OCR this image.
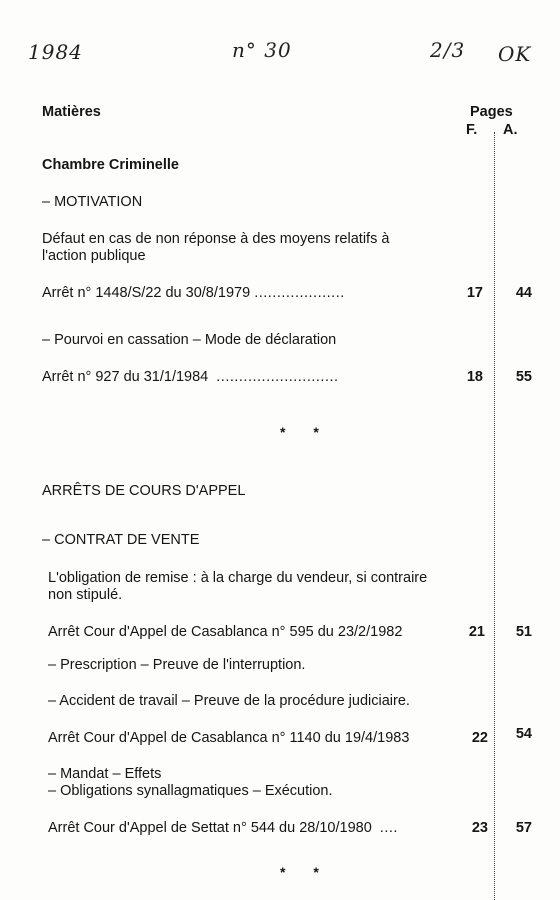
1984	n° 30	2/3 OK
Matières	Pages
F. A.
Chambre Criminelle
– MOTIVATION
Défaut en cas de non réponse à des moyens relatifs à
l'action publique
Arrêt n° 1448/S/22 du 30/8/1979 ....................	17	44
– Pourvoi en cassation – Mode de déclaration
Arrêt n° 927 du 31/1/1984 ...........................	18	55
* *
ARRÊTS DE COURS D'APPEL
– CONTRAT DE VENTE
L'obligation de remise : à la charge du vendeur, si contraire
non stipulé.
Arrêt Cour d'Appel de Casablanca n° 595 du 23/2/1982	21	51
– Prescription – Preuve de l'interruption.
– Accident de travail – Preuve de la procédure judiciaire.
Arrêt Cour d'Appel de Casablanca n° 1140 du 19/4/1983	22	54
– Mandat – Effets
– Obligations synallagmatiques – Exécution.
Arrêt Cour d'Appel de Settat n° 544 du 28/10/1980 ....	23	57
* *
